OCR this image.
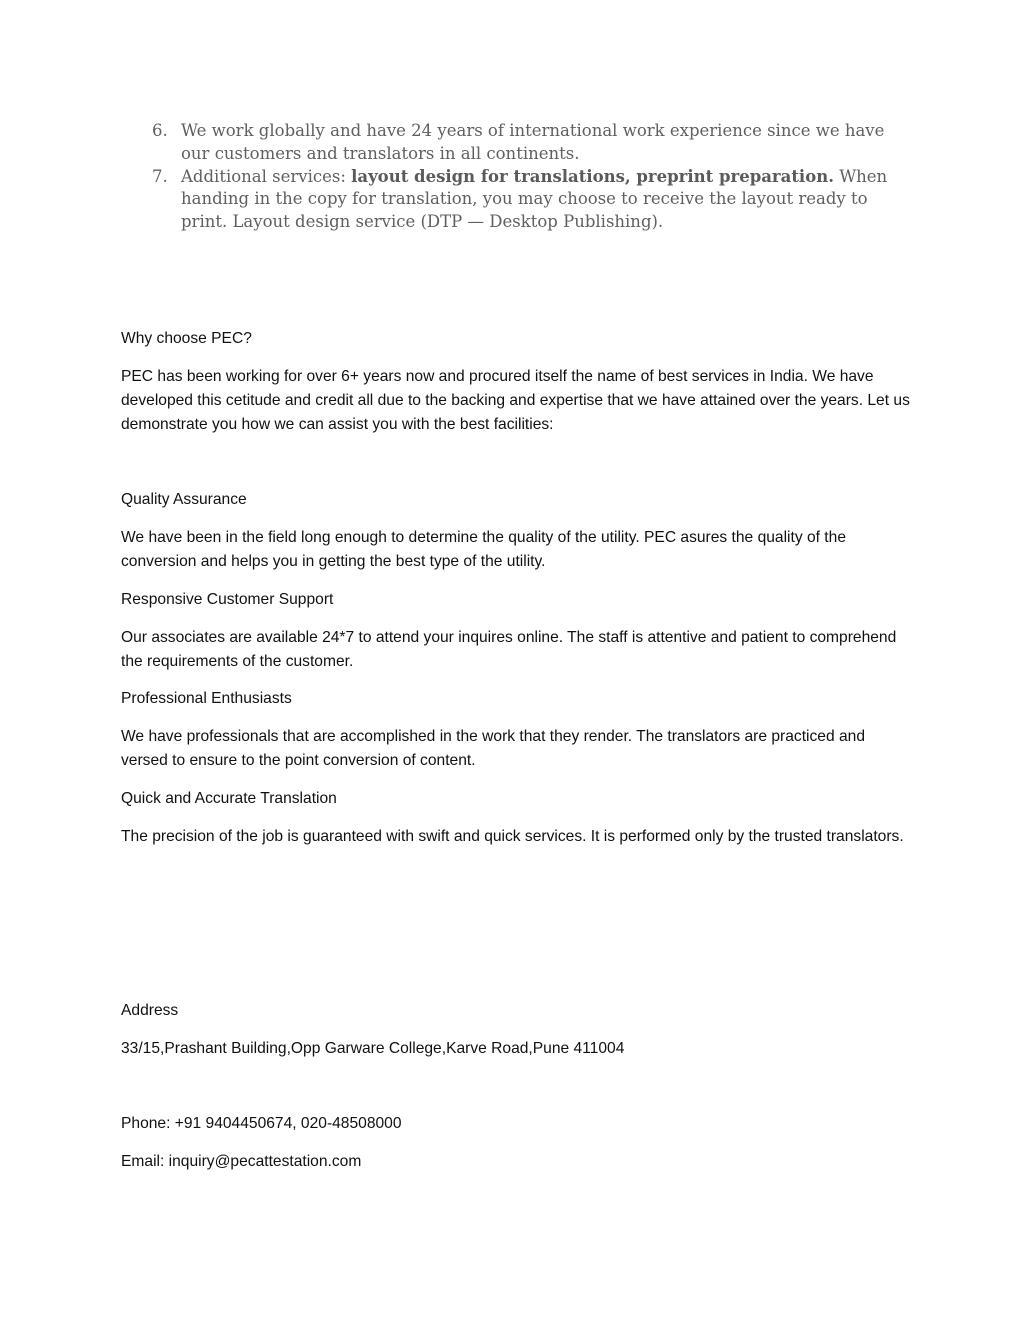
6. We work globally and have 24 years of international work experience since we have our customers and translators in all continents.
7. Additional services: layout design for translations, preprint preparation. When handing in the copy for translation, you may choose to receive the layout ready to print. Layout design service (DTP — Desktop Publishing).

Why choose PEC?

PEC has been working for over 6+ years now and procured itself the name of best services in India. We have developed this cetitude and credit all due to the backing and expertise that we have attained over the years. Let us demonstrate you how we can assist you with the best facilities:

Quality Assurance

We have been in the field long enough to determine the quality of the utility. PEC asures the quality of the conversion and helps you in getting the best type of the utility.

Responsive Customer Support

Our associates are available 24*7 to attend your inquires online. The staff is attentive and patient to comprehend the requirements of the customer.

Professional Enthusiasts

We have professionals that are accomplished in the work that they render. The translators are practiced and versed to ensure to the point conversion of content.

Quick and Accurate Translation

The precision of the job is guaranteed with swift and quick services. It is performed only by the trusted translators.

Address

33/15,Prashant Building,Opp Garware College,Karve Road,Pune 411004

Phone: +91 9404450674, 020-48508000

Email: inquiry@pecattestation.com
